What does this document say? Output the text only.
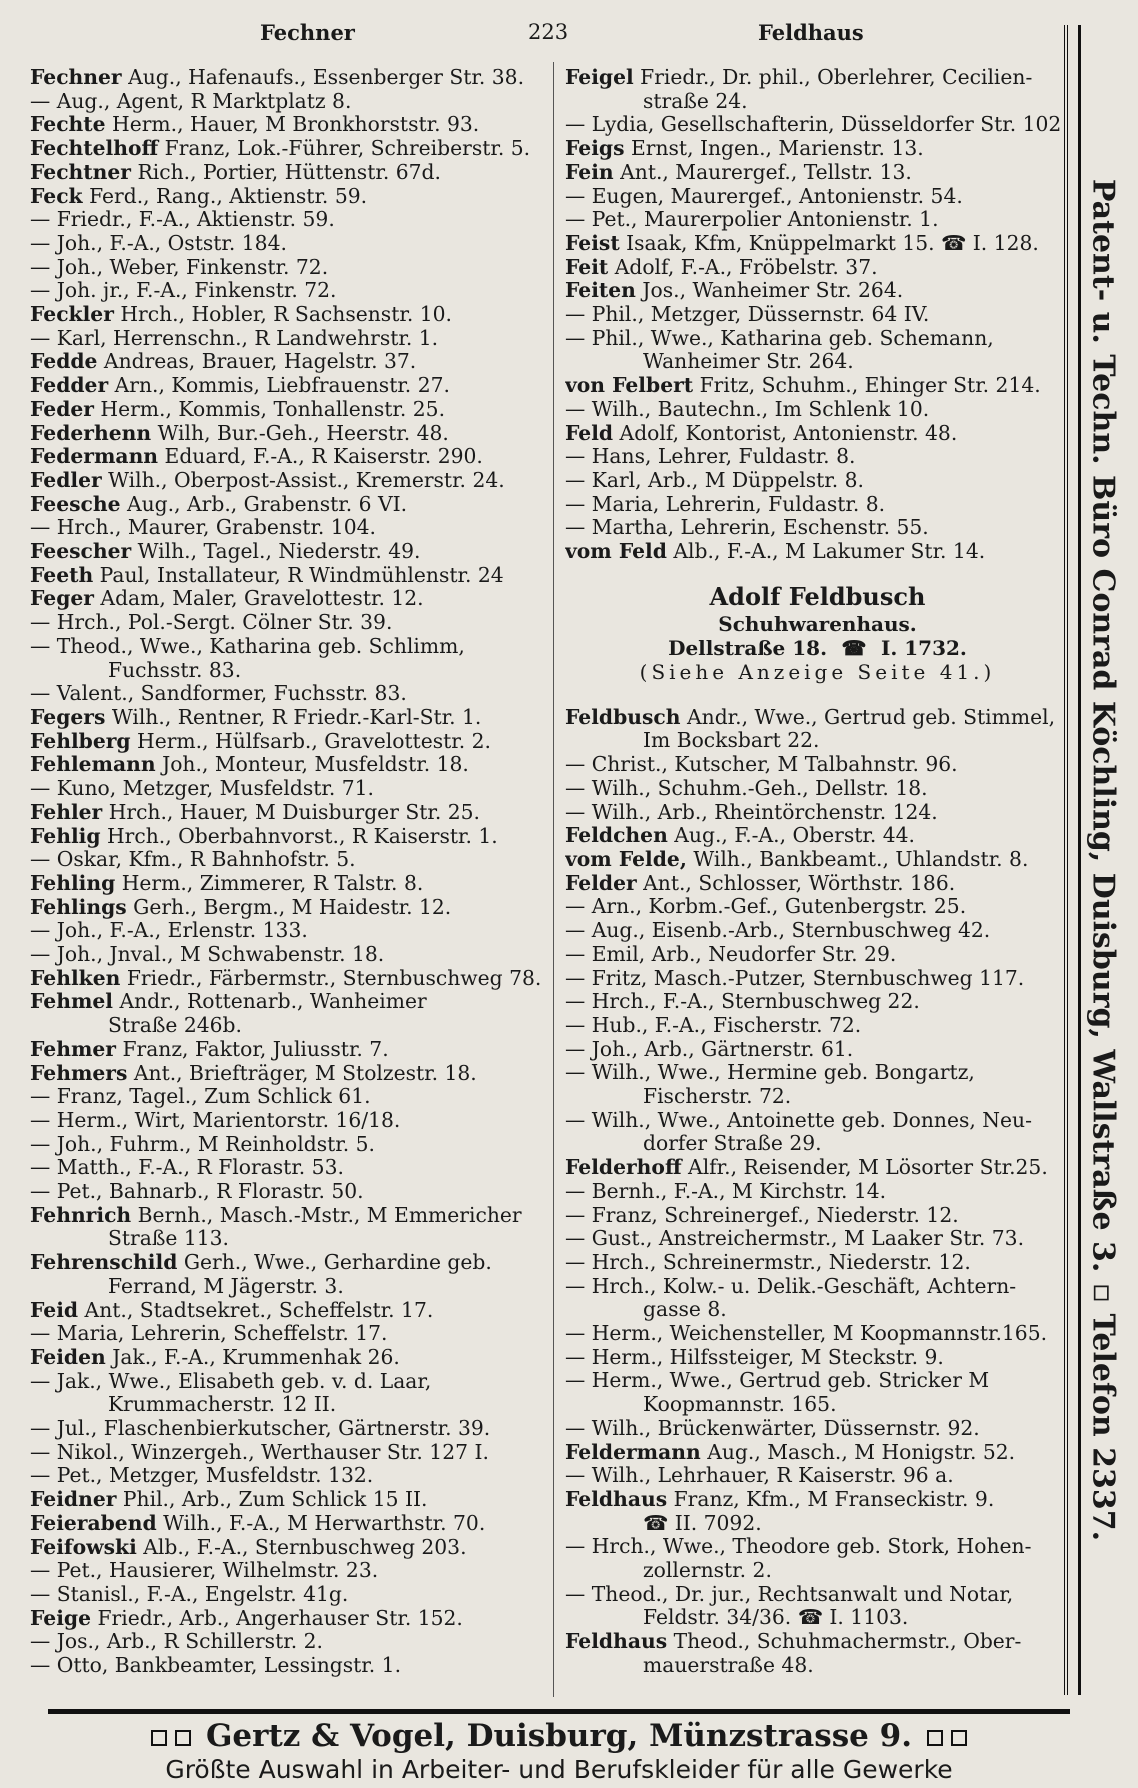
Fechner	223	Feldhaus
Fechner Aug., Hafenaufs., Essenberger Str. 38.
— Aug., Agent, R Marktplatz 8.
Fechte Herm., Hauer, M Bronkhorststr. 93.
Fechtelhoff Franz, Lok.-Führer, Schreiberstr. 5.
Fechtner Rich., Portier, Hüttenstr. 67d.
Feck Ferd., Rang., Aktienstr. 59.
— Friedr., F.-A., Aktienstr. 59.
— Joh., F.-A., Oststr. 184.
— Joh., Weber, Finkenstr. 72.
— Joh. jr., F.-A., Finkenstr. 72.
Feckler Hrch., Hobler, R Sachsenstr. 10.
— Karl, Herrenschn., R Landwehrstr. 1.
Fedde Andreas, Brauer, Hagelstr. 37.
Fedder Arn., Kommis, Liebfrauenstr. 27.
Feder Herm., Kommis, Tonhallenstr. 25.
Federhenn Wilh, Bur.-Geh., Heerstr. 48.
Federmann Eduard, F.-A., R Kaiserstr. 290.
Fedler Wilh., Oberpost-Assist., Kremerstr. 24.
Feesche Aug., Arb., Grabenstr. 6 VI.
— Hrch., Maurer, Grabenstr. 104.
Feescher Wilh., Tagel., Niederstr. 49.
Feeth Paul, Installateur, R Windmühlenstr. 24
Feger Adam, Maler, Gravelottestr. 12.
— Hrch., Pol.-Sergt. Cölner Str. 39.
— Theod., Wwe., Katharina geb. Schlimm,
Fuchsstr. 83.
— Valent., Sandformer, Fuchsstr. 83.
Fegers Wilh., Rentner, R Friedr.-Karl-Str. 1.
Fehlberg Herm., Hülfsarb., Gravelottestr. 2.
Fehlemann Joh., Monteur, Musfeldstr. 18.
— Kuno, Metzger, Musfeldstr. 71.
Fehler Hrch., Hauer, M Duisburger Str. 25.
Fehlig Hrch., Oberbahnvorst., R Kaiserstr. 1.
— Oskar, Kfm., R Bahnhofstr. 5.
Fehling Herm., Zimmerer, R Talstr. 8.
Fehlings Gerh., Bergm., M Haidestr. 12.
— Joh., F.-A., Erlenstr. 133.
— Joh., Jnval., M Schwabenstr. 18.
Fehlken Friedr., Färbermstr., Sternbuschweg 78.
Fehmel Andr., Rottenarb., Wanheimer
Straße 246b.
Fehmer Franz, Faktor, Juliusstr. 7.
Fehmers Ant., Briefträger, M Stolzestr. 18.
— Franz, Tagel., Zum Schlick 61.
— Herm., Wirt, Marientorstr. 16/18.
— Joh., Fuhrm., M Reinholdstr. 5.
— Matth., F.-A., R Florastr. 53.
— Pet., Bahnarb., R Florastr. 50.
Fehnrich Bernh., Masch.-Mstr., M Emmericher
Straße 113.
Fehrenschild Gerh., Wwe., Gerhardine geb.
Ferrand, M Jägerstr. 3.
Feid Ant., Stadtsekret., Scheffelstr. 17.
— Maria, Lehrerin, Scheffelstr. 17.
Feiden Jak., F.-A., Krummenhak 26.
— Jak., Wwe., Elisabeth geb. v. d. Laar,
Krummacherstr. 12 II.
— Jul., Flaschenbierkutscher, Gärtnerstr. 39.
— Nikol., Winzergeh., Werthauser Str. 127 I.
— Pet., Metzger, Musfeldstr. 132.
Feidner Phil., Arb., Zum Schlick 15 II.
Feierabend Wilh., F.-A., M Herwarthstr. 70.
Feifowski Alb., F.-A., Sternbuschweg 203.
— Pet., Hausierer, Wilhelmstr. 23.
— Stanisl., F.-A., Engelstr. 41g.
Feige Friedr., Arb., Angerhauser Str. 152.
— Jos., Arb., R Schillerstr. 2.
— Otto, Bankbeamter, Lessingstr. 1.
Feigel Friedr., Dr. phil., Oberlehrer, Cecilien-
straße 24.
— Lydia, Gesellschafterin, Düsseldorfer Str. 102
Feigs Ernst, Ingen., Marienstr. 13.
Fein Ant., Maurergef., Tellstr. 13.
— Eugen, Maurergef., Antonienstr. 54.
— Pet., Maurerpolier Antonienstr. 1.
Feist Isaak, Kfm, Knüppelmarkt 15. ☎ I. 128.
Feit Adolf, F.-A., Fröbelstr. 37.
Feiten Jos., Wanheimer Str. 264.
— Phil., Metzger, Düssernstr. 64 IV.
— Phil., Wwe., Katharina geb. Schemann,
Wanheimer Str. 264.
von Felbert Fritz, Schuhm., Ehinger Str. 214.
— Wilh., Bautechn., Im Schlenk 10.
Feld Adolf, Kontorist, Antonienstr. 48.
— Hans, Lehrer, Fuldastr. 8.
— Karl, Arb., M Düppelstr. 8.
— Maria, Lehrerin, Fuldastr. 8.
— Martha, Lehrerin, Eschenstr. 55.
vom Feld Alb., F.-A., M Lakumer Str. 14.
Adolf Feldbusch
Schuhwarenhaus.
Dellstraße 18. ☎ I. 1732.
(Siehe Anzeige Seite 41.)
Feldbusch Andr., Wwe., Gertrud geb. Stimmel,
Im Bocksbart 22.
— Christ., Kutscher, M Talbahnstr. 96.
— Wilh., Schuhm.-Geh., Dellstr. 18.
— Wilh., Arb., Rheintörchenstr. 124.
Feldchen Aug., F.-A., Oberstr. 44.
vom Felde, Wilh., Bankbeamt., Uhlandstr. 8.
Felder Ant., Schlosser, Wörthstr. 186.
— Arn., Korbm.-Gef., Gutenbergstr. 25.
— Aug., Eisenb.-Arb., Sternbuschweg 42.
— Emil, Arb., Neudorfer Str. 29.
— Fritz, Masch.-Putzer, Sternbuschweg 117.
— Hrch., F.-A., Sternbuschweg 22.
— Hub., F.-A., Fischerstr. 72.
— Joh., Arb., Gärtnerstr. 61.
— Wilh., Wwe., Hermine geb. Bongartz,
Fischerstr. 72.
— Wilh., Wwe., Antoinette geb. Donnes, Neu-
dorfer Straße 29.
Felderhoff Alfr., Reisender, M Lösorter Str.25.
— Bernh., F.-A., M Kirchstr. 14.
— Franz, Schreinergef., Niederstr. 12.
— Gust., Anstreichermstr., M Laaker Str. 73.
— Hrch., Schreinermstr., Niederstr. 12.
— Hrch., Kolw.- u. Delik.-Geschäft, Achtern-
gasse 8.
— Herm., Weichensteller, M Koopmannstr.165.
— Herm., Hilfssteiger, M Steckstr. 9.
— Herm., Wwe., Gertrud geb. Stricker M
Koopmannstr. 165.
— Wilh., Brückenwärter, Düssernstr. 92.
Feldermann Aug., Masch., M Honigstr. 52.
— Wilh., Lehrhauer, R Kaiserstr. 96 a.
Feldhaus Franz, Kfm., M Franseckistr. 9.
☎ II. 7092.
— Hrch., Wwe., Theodore geb. Stork, Hohen-
zollernstr. 2.
— Theod., Dr. jur., Rechtsanwalt und Notar,
Feldstr. 34/36. ☎ I. 1103.
Feldhaus Theod., Schuhmachermstr., Ober-
mauerstraße 48.
Patent- u. Techn. Büro Conrad Köchling, Duisburg, Wallstraße 3. ▫ Telefon 2337.
Gertz & Vogel, Duisburg, Münzstrasse 9.
Größte Auswahl in Arbeiter- und Berufskleider für alle Gewerke
